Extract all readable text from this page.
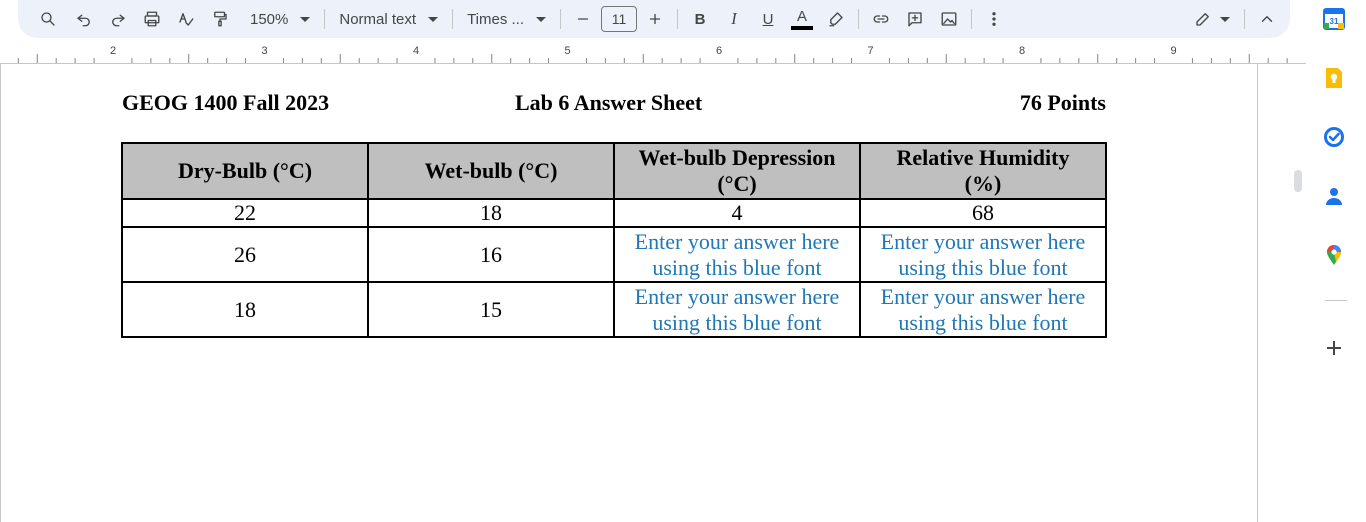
150%	Normal text	Times ...	11	B I U A
2	3	4	5	6	7	8	9
GEOG 1400 Fall 2023	Lab 6 Answer Sheet	76 Points
Dry-Bulb (°C)	Wet-bulb (°C)	Wet-bulb Depression
(°C)	Relative Humidity
(%)
22	18	4	68
26	16	Enter your answer here
using this blue font	Enter your answer here
using this blue font
18	15	Enter your answer here
using this blue font	Enter your answer here
using this blue font
31
